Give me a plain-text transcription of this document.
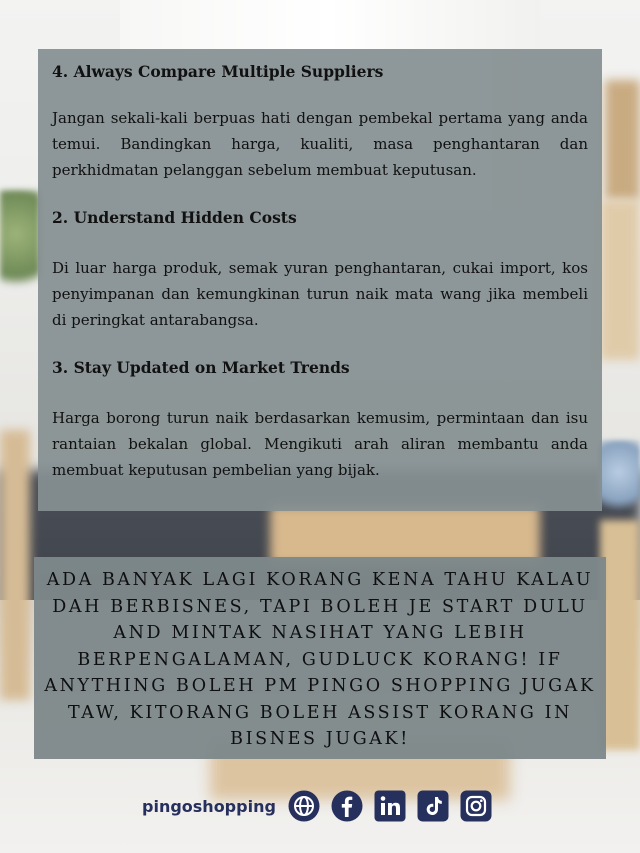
4. Always Compare Multiple Suppliers

Jangan sekali-kali berpuas hati dengan pembekal pertama yang anda temui. Bandingkan harga, kualiti, masa penghantaran dan perkhidmatan pelanggan sebelum membuat keputusan.

2. Understand Hidden Costs

Di luar harga produk, semak yuran penghantaran, cukai import, kos penyimpanan dan kemungkinan turun naik mata wang jika membeli di peringkat antarabangsa.

3. Stay Updated on Market Trends

Harga borong turun naik berdasarkan kemusim, permintaan dan isu rantaian bekalan global. Mengikuti arah aliran membantu anda membuat keputusan pembelian yang bijak.

ADA BANYAK LAGI KORANG KENA TAHU KALAU DAH BERBISNES, TAPI BOLEH JE START DULU AND MINTAK NASIHAT YANG LEBIH BERPENGALAMAN, GUDLUCK KORANG! IF ANYTHING BOLEH PM PINGO SHOPPING JUGAK TAW, KITORANG BOLEH ASSIST KORANG IN BISNES JUGAK!

pingoshopping
